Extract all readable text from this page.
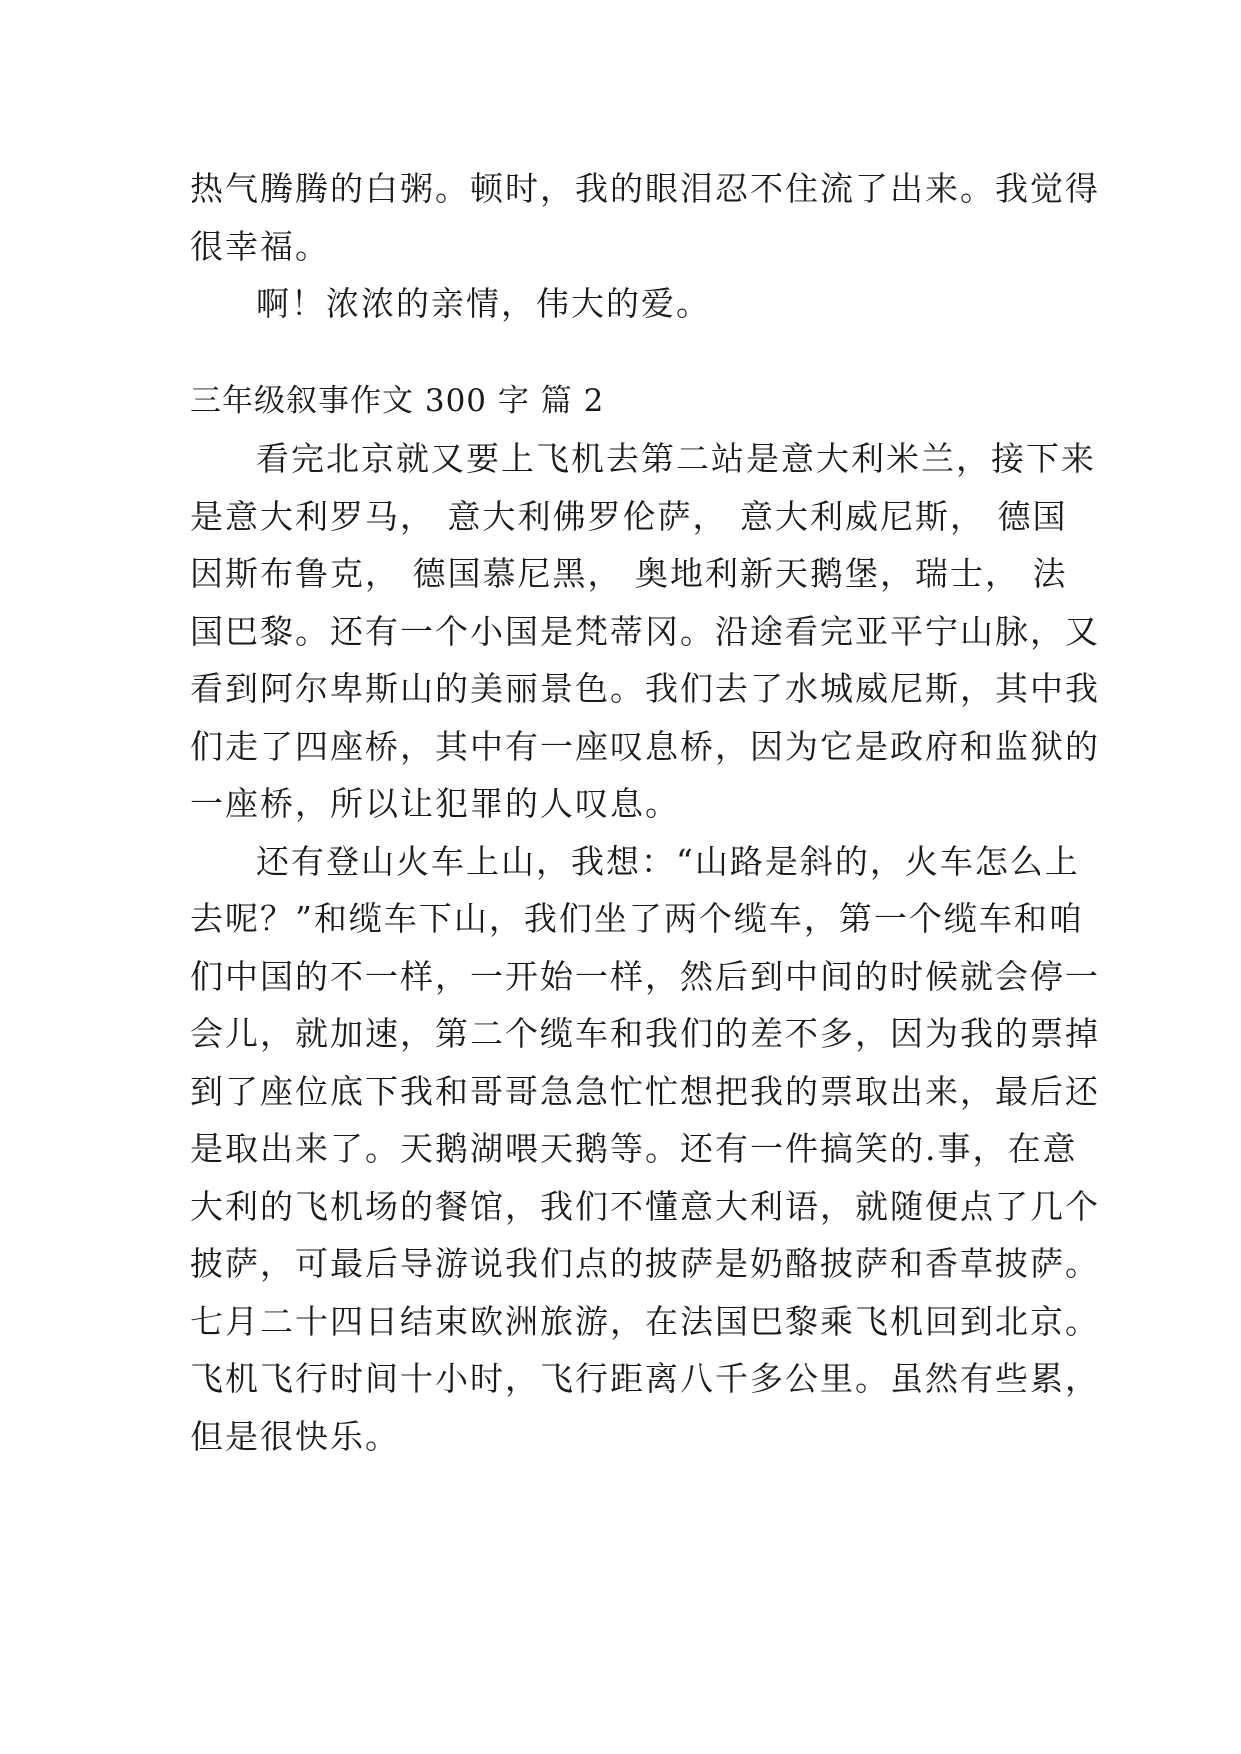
热气腾腾的白粥。顿时，我的眼泪忍不住流了出来。我觉得
很幸福。
啊！浓浓的亲情，伟大的爱。
三年级叙事作文 300 字 篇 2
看完北京就又要上飞机去第二站是意大利米兰，接下来
是意大利罗马， 意大利佛罗伦萨， 意大利威尼斯， 德国
因斯布鲁克， 德国慕尼黑， 奥地利新天鹅堡，瑞士， 法
国巴黎。还有一个小国是梵蒂冈。沿途看完亚平宁山脉，又
看到阿尔卑斯山的美丽景色。我们去了水城威尼斯，其中我
们走了四座桥，其中有一座叹息桥，因为它是政府和监狱的
一座桥，所以让犯罪的人叹息。
还有登山火车上山，我想：“山路是斜的，火车怎么上
去呢？”和缆车下山，我们坐了两个缆车，第一个缆车和咱
们中国的不一样，一开始一样，然后到中间的时候就会停一
会儿，就加速，第二个缆车和我们的差不多，因为我的票掉
到了座位底下我和哥哥急急忙忙想把我的票取出来，最后还
是取出来了。天鹅湖喂天鹅等。还有一件搞笑的.事，在意
大利的飞机场的餐馆，我们不懂意大利语，就随便点了几个
披萨，可最后导游说我们点的披萨是奶酪披萨和香草披萨。
七月二十四日结束欧洲旅游，在法国巴黎乘飞机回到北京。
飞机飞行时间十小时，飞行距离八千多公里。虽然有些累，
但是很快乐。
